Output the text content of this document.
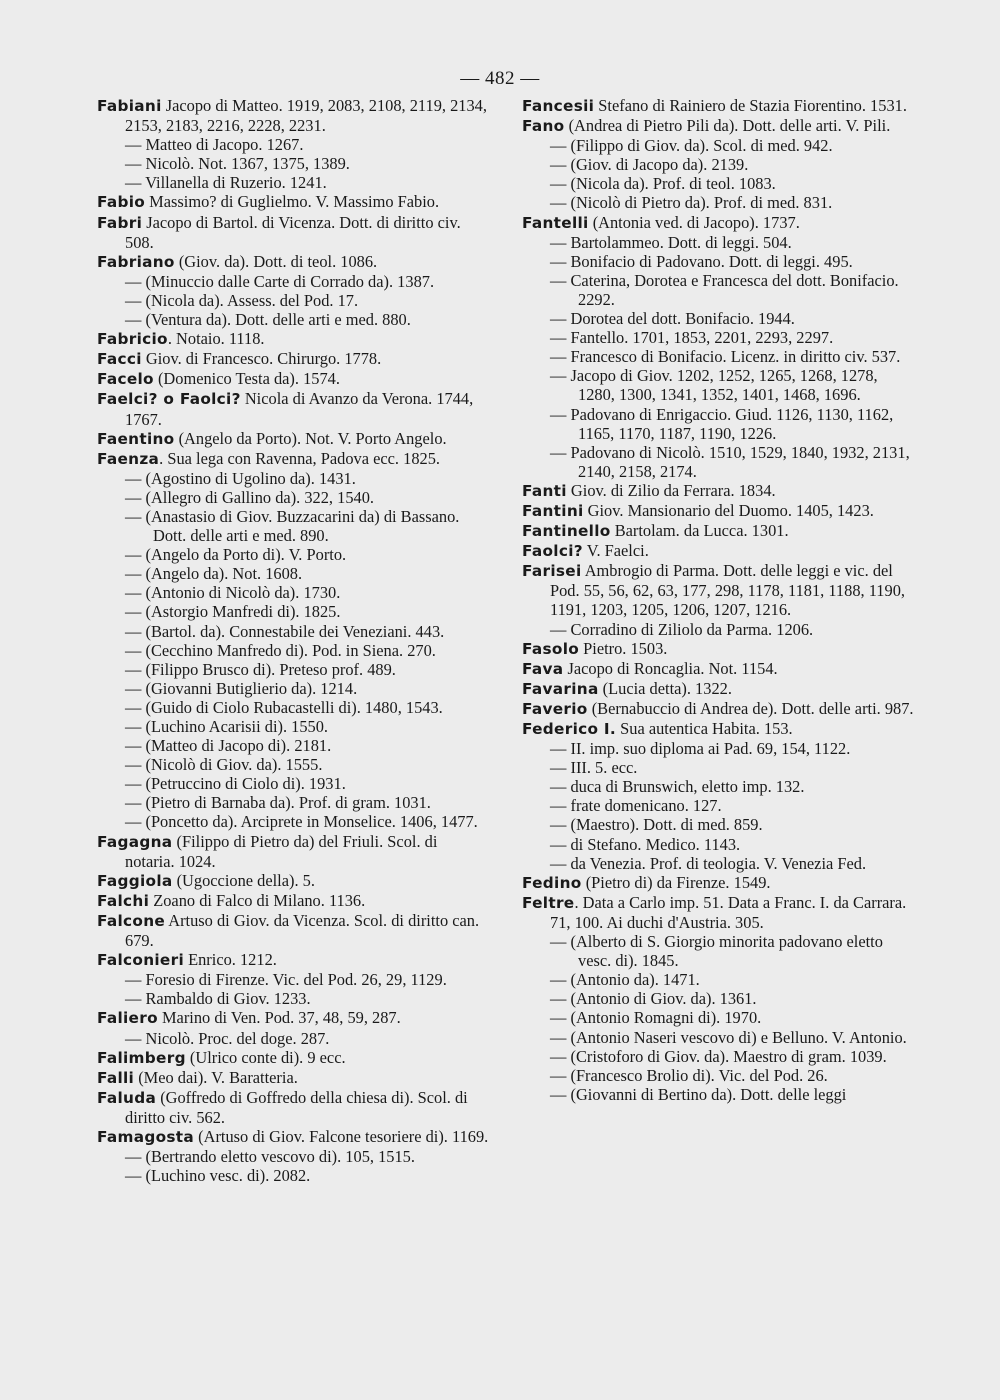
— 482 —

Fabiani Jacopo di Matteo. 1919, 2083, 2108, 2119, 2134, 2153, 2183, 2216, 2228, 2231.

— Matteo di Jacopo. 1267.

— Nicolò. Not. 1367, 1375, 1389.

— Villanella di Ruzerio. 1241.

Fabio Massimo? di Guglielmo. V. Massimo Fabio.

Fabri Jacopo di Bartol. di Vicenza. Dott. di diritto civ. 508.

Fabriano (Giov. da). Dott. di teol. 1086.

— (Minuccio dalle Carte di Corrado da). 1387.

— (Nicola da). Assess. del Pod. 17.

— (Ventura da). Dott. delle arti e med. 880.

Fabricio. Notaio. 1118.

Facci Giov. di Francesco. Chirurgo. 1778.

Facelo (Domenico Testa da). 1574.

Faelci? o Faolci? Nicola di Avanzo da Verona. 1744, 1767.

Faentino (Angelo da Porto). Not. V. Porto Angelo.

Faenza. Sua lega con Ravenna, Padova ecc. 1825.

— (Agostino di Ugolino da). 1431.

— (Allegro di Gallino da). 322, 1540.

— (Anastasio di Giov. Buzzacarini da) di Bassano. Dott. delle arti e med. 890.

— (Angelo da Porto di). V. Porto.

— (Angelo da). Not. 1608.

— (Antonio di Nicolò da). 1730.

— (Astorgio Manfredi di). 1825.

— (Bartol. da). Connestabile dei Veneziani. 443.

— (Cecchino Manfredo di). Pod. in Siena. 270.

— (Filippo Brusco di). Preteso prof. 489.

— (Giovanni Butiglierio da). 1214.

— (Guido di Ciolo Rubacastelli di). 1480, 1543.

— (Luchino Acarisii di). 1550.

— (Matteo di Jacopo di). 2181.

— (Nicolò di Giov. da). 1555.

— (Petruccino di Ciolo di). 1931.

— (Pietro di Barnaba da). Prof. di gram. 1031.

— (Poncetto da). Arciprete in Monselice. 1406, 1477.

Fagagna (Filippo di Pietro da) del Friuli. Scol. di notaria. 1024.

Faggiola (Ugoccione della). 5.

Falchi Zoano di Falco di Milano. 1136.

Falcone Artuso di Giov. da Vicenza. Scol. di diritto can. 679.

Falconieri Enrico. 1212.

— Foresio di Firenze. Vic. del Pod. 26, 29, 1129.

— Rambaldo di Giov. 1233.

Faliero Marino di Ven. Pod. 37, 48, 59, 287.

— Nicolò. Proc. del doge. 287.

Falimberg (Ulrico conte di). 9 ecc.

Falli (Meo dai). V. Baratteria.

Faluda (Goffredo di Goffredo della chiesa di). Scol. di diritto civ. 562.

Famagosta (Artuso di Giov. Falcone tesoriere di). 1169.

— (Bertrando eletto vescovo di). 105, 1515.

— (Luchino vesc. di). 2082.

Fancesii Stefano di Rainiero de Stazia Fiorentino. 1531.

Fano (Andrea di Pietro Pili da). Dott. delle arti. V. Pili.

— (Filippo di Giov. da). Scol. di med. 942.

— (Giov. di Jacopo da). 2139.

— (Nicola da). Prof. di teol. 1083.

— (Nicolò di Pietro da). Prof. di med. 831.

Fantelli (Antonia ved. di Jacopo). 1737.

— Bartolammeo. Dott. di leggi. 504.

— Bonifacio di Padovano. Dott. di leggi. 495.

— Caterina, Dorotea e Francesca del dott. Bonifacio. 2292.

— Dorotea del dott. Bonifacio. 1944.

— Fantello. 1701, 1853, 2201, 2293, 2297.

— Francesco di Bonifacio. Licenz. in diritto civ. 537.

— Jacopo di Giov. 1202, 1252, 1265, 1268, 1278, 1280, 1300, 1341, 1352, 1401, 1468, 1696.

— Padovano di Enrigaccio. Giud. 1126, 1130, 1162, 1165, 1170, 1187, 1190, 1226.

— Padovano di Nicolò. 1510, 1529, 1840, 1932, 2131, 2140, 2158, 2174.

Fanti Giov. di Zilio da Ferrara. 1834.

Fantini Giov. Mansionario del Duomo. 1405, 1423.

Fantinello Bartolam. da Lucca. 1301.

Faolci? V. Faelci.

Farisei Ambrogio di Parma. Dott. delle leggi e vic. del Pod. 55, 56, 62, 63, 177, 298, 1178, 1181, 1188, 1190, 1191, 1203, 1205, 1206, 1207, 1216.

— Corradino di Ziliolo da Parma. 1206.

Fasolo Pietro. 1503.

Fava Jacopo di Roncaglia. Not. 1154.

Favarina (Lucia detta). 1322.

Faverio (Bernabuccio di Andrea de). Dott. delle arti. 987.

Federico I. Sua autentica Habita. 153.

— II. imp. suo diploma ai Pad. 69, 154, 1122.

— III. 5. ecc.

— duca di Brunswich, eletto imp. 132.

— frate domenicano. 127.

— (Maestro). Dott. di med. 859.

— di Stefano. Medico. 1143.

— da Venezia. Prof. di teologia. V. Venezia Fed.

Fedino (Pietro di) da Firenze. 1549.

Feltre. Data a Carlo imp. 51. Data a Franc. I. da Carrara. 71, 100. Ai duchi d'Austria. 305.

— (Alberto di S. Giorgio minorita padovano eletto vesc. di). 1845.

— (Antonio da). 1471.

— (Antonio di Giov. da). 1361.

— (Antonio Romagni di). 1970.

— (Antonio Naseri vescovo di) e Belluno. V. Antonio.

— (Cristoforo di Giov. da). Maestro di gram. 1039.

— (Francesco Brolio di). Vic. del Pod. 26.

— (Giovanni di Bertino da). Dott. delle leggi
